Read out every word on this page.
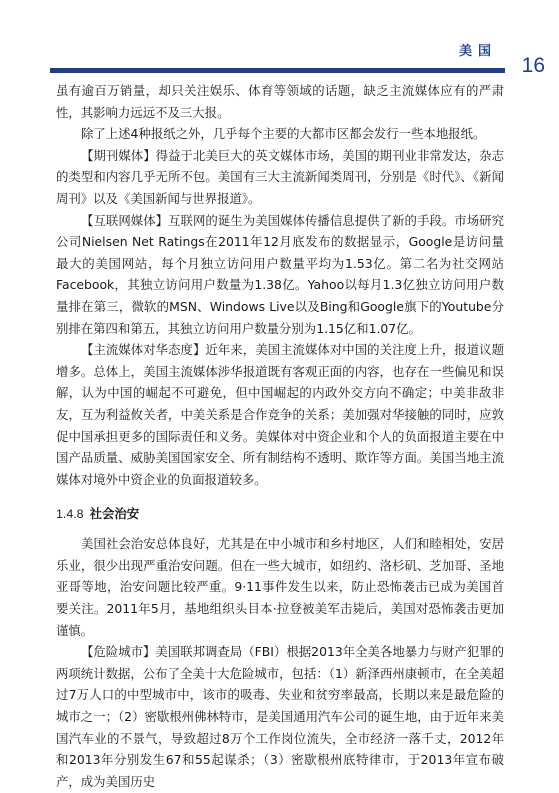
美国
16

虽有逾百万销量，却只关注娱乐、体育等领域的话题，缺乏主流媒体应有的严肃性，其影响力远远不及三大报。

除了上述4种报纸之外，几乎每个主要的大都市区都会发行一些本地报纸。

【期刊媒体】得益于北美巨大的英文媒体市场，美国的期刊业非常发达，杂志的类型和内容几乎无所不包。美国有三大主流新闻类周刊，分别是《时代》、《新闻周刊》以及《美国新闻与世界报道》。

【互联网媒体】互联网的诞生为美国媒体传播信息提供了新的手段。市场研究公司Nielsen Net Ratings在2011年12月底发布的数据显示，Google是访问量最大的美国网站，每个月独立访问用户数量平均为1.53亿。第二名为社交网站Facebook，其独立访问用户数量为1.38亿。Yahoo以每月1.3亿独立访问用户数量排在第三，微软的MSN、Windows Live以及Bing和Google旗下的Youtube分别排在第四和第五，其独立访问用户数量分别为1.15亿和1.07亿。

【主流媒体对华态度】近年来，美国主流媒体对中国的关注度上升，报道议题增多。总体上，美国主流媒体涉华报道既有客观正面的内容，也存在一些偏见和误解，认为中国的崛起不可避免，但中国崛起的内政外交方向不确定；中美非敌非友，互为利益攸关者，中美关系是合作竞争的关系；美加强对华接触的同时，应敦促中国承担更多的国际责任和义务。美媒体对中资企业和个人的负面报道主要在中国产品质量、威胁美国国家安全、所有制结构不透明、欺诈等方面。美国当地主流媒体对境外中资企业的负面报道较多。

1.4.8 社会治安

美国社会治安总体良好，尤其是在中小城市和乡村地区，人们和睦相处，安居乐业，很少出现严重治安问题。但在一些大城市，如纽约、洛杉矶、芝加哥、圣地亚哥等地，治安问题比较严重。9·11事件发生以来，防止恐怖袭击已成为美国首要关注。2011年5月，基地组织头目本·拉登被美军击毙后，美国对恐怖袭击更加谨慎。

【危险城市】美国联邦调查局（FBI）根据2013年全美各地暴力与财产犯罪的两项统计数据，公布了全美十大危险城市，包括：（1）新泽西州康顿市，在全美超过7万人口的中型城市中，该市的吸毒、失业和贫穷率最高，长期以来是最危险的城市之一；（2）密歇根州佛林特市，是美国通用汽车公司的诞生地，由于近年来美国汽车业的不景气，导致超过8万个工作岗位流失，全市经济一落千丈，2012年和2013年分别发生67和55起谋杀；（3）密歇根州底特律市，于2013年宣布破产，成为美国历史
